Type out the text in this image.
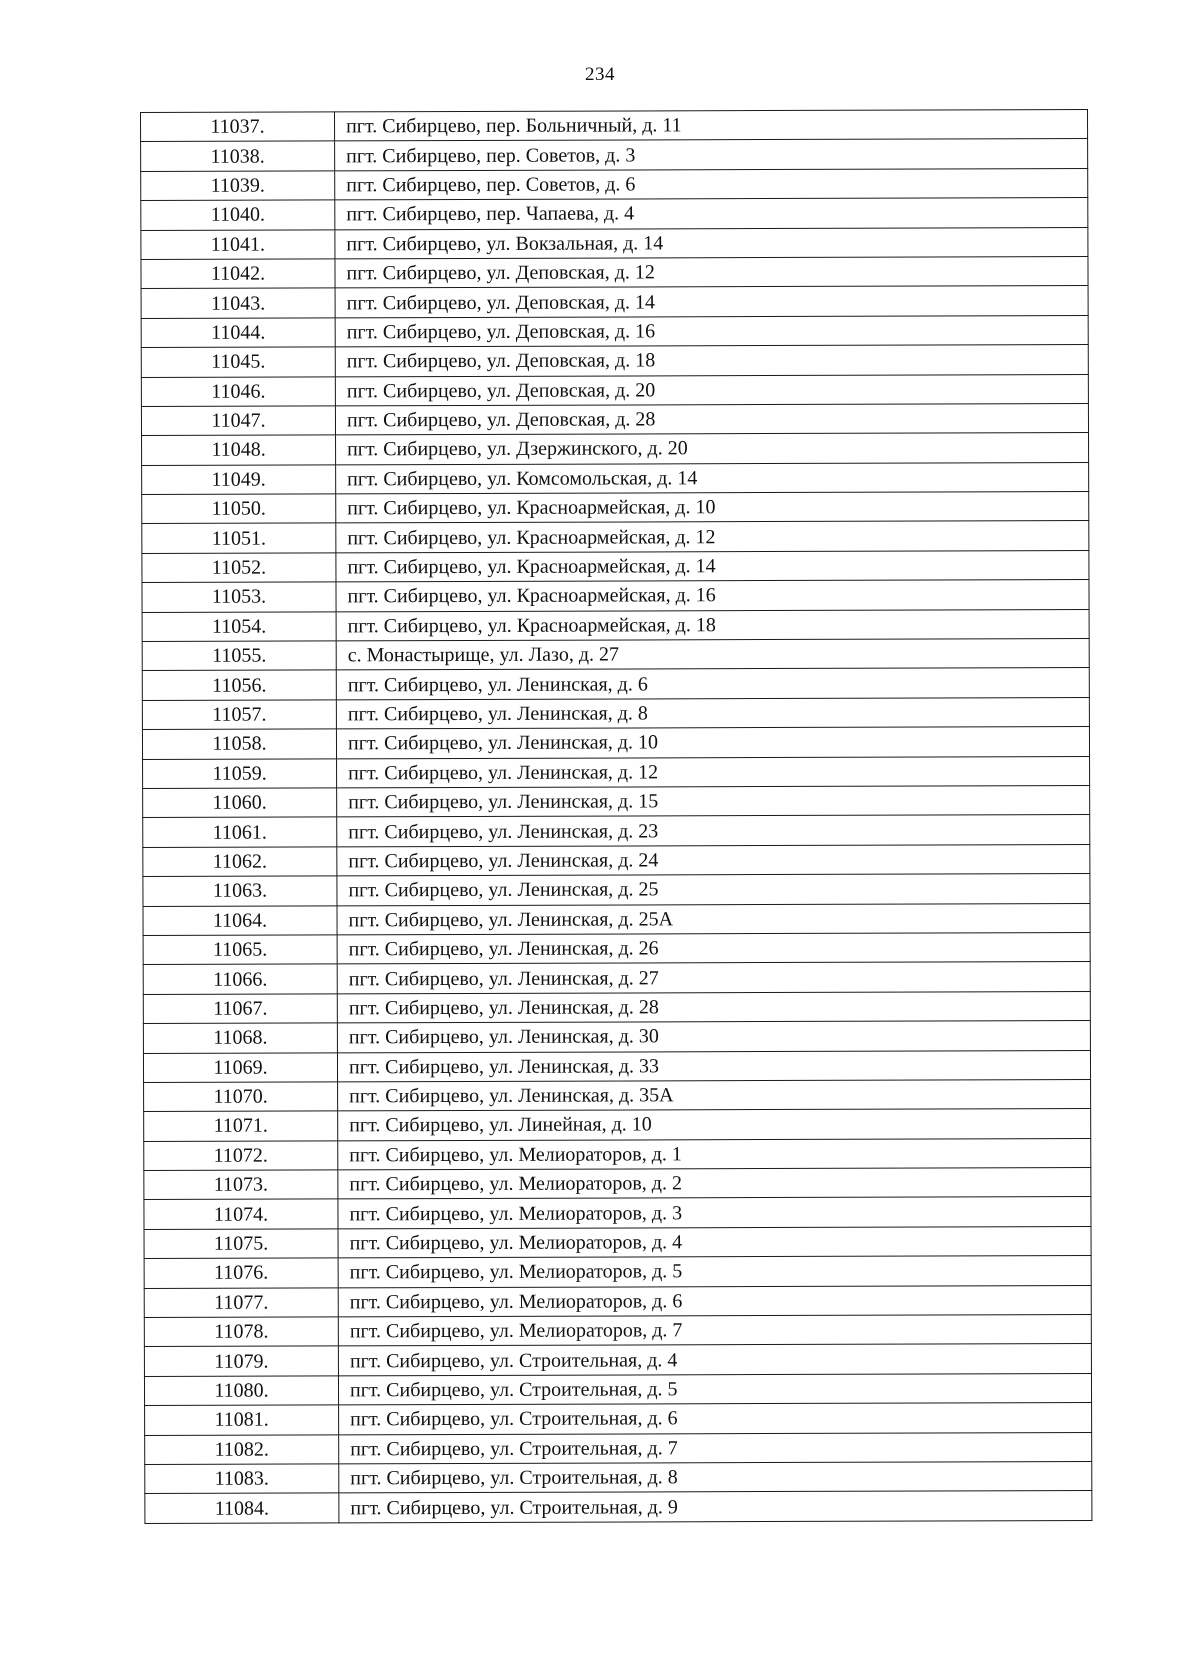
234
11037.	пгт. Сибирцево, пер. Больничный, д. 11
11038.	пгт. Сибирцево, пер. Советов, д. 3
11039.	пгт. Сибирцево, пер. Советов, д. 6
11040.	пгт. Сибирцево, пер. Чапаева, д. 4
11041.	пгт. Сибирцево, ул. Вокзальная, д. 14
11042.	пгт. Сибирцево, ул. Деповская, д. 12
11043.	пгт. Сибирцево, ул. Деповская, д. 14
11044.	пгт. Сибирцево, ул. Деповская, д. 16
11045.	пгт. Сибирцево, ул. Деповская, д. 18
11046.	пгт. Сибирцево, ул. Деповская, д. 20
11047.	пгт. Сибирцево, ул. Деповская, д. 28
11048.	пгт. Сибирцево, ул. Дзержинского, д. 20
11049.	пгт. Сибирцево, ул. Комсомольская, д. 14
11050.	пгт. Сибирцево, ул. Красноармейская, д. 10
11051.	пгт. Сибирцево, ул. Красноармейская, д. 12
11052.	пгт. Сибирцево, ул. Красноармейская, д. 14
11053.	пгт. Сибирцево, ул. Красноармейская, д. 16
11054.	пгт. Сибирцево, ул. Красноармейская, д. 18
11055.	с. Монастырище, ул. Лазо, д. 27
11056.	пгт. Сибирцево, ул. Ленинская, д. 6
11057.	пгт. Сибирцево, ул. Ленинская, д. 8
11058.	пгт. Сибирцево, ул. Ленинская, д. 10
11059.	пгт. Сибирцево, ул. Ленинская, д. 12
11060.	пгт. Сибирцево, ул. Ленинская, д. 15
11061.	пгт. Сибирцево, ул. Ленинская, д. 23
11062.	пгт. Сибирцево, ул. Ленинская, д. 24
11063.	пгт. Сибирцево, ул. Ленинская, д. 25
11064.	пгт. Сибирцево, ул. Ленинская, д. 25А
11065.	пгт. Сибирцево, ул. Ленинская, д. 26
11066.	пгт. Сибирцево, ул. Ленинская, д. 27
11067.	пгт. Сибирцево, ул. Ленинская, д. 28
11068.	пгт. Сибирцево, ул. Ленинская, д. 30
11069.	пгт. Сибирцево, ул. Ленинская, д. 33
11070.	пгт. Сибирцево, ул. Ленинская, д. 35А
11071.	пгт. Сибирцево, ул. Линейная, д. 10
11072.	пгт. Сибирцево, ул. Мелиораторов, д. 1
11073.	пгт. Сибирцево, ул. Мелиораторов, д. 2
11074.	пгт. Сибирцево, ул. Мелиораторов, д. 3
11075.	пгт. Сибирцево, ул. Мелиораторов, д. 4
11076.	пгт. Сибирцево, ул. Мелиораторов, д. 5
11077.	пгт. Сибирцево, ул. Мелиораторов, д. 6
11078.	пгт. Сибирцево, ул. Мелиораторов, д. 7
11079.	пгт. Сибирцево, ул. Строительная, д. 4
11080.	пгт. Сибирцево, ул. Строительная, д. 5
11081.	пгт. Сибирцево, ул. Строительная, д. 6
11082.	пгт. Сибирцево, ул. Строительная, д. 7
11083.	пгт. Сибирцево, ул. Строительная, д. 8
11084.	пгт. Сибирцево, ул. Строительная, д. 9
